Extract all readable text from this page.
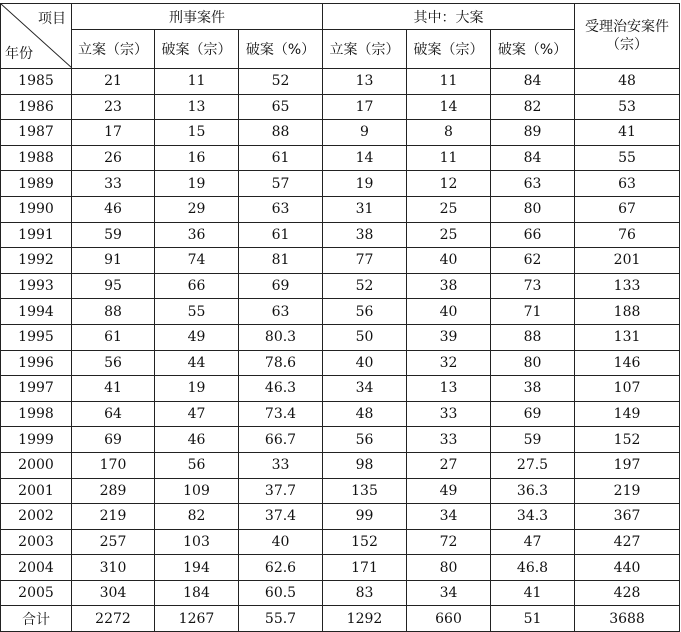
项目
年份	刑事案件			其中：大案			受理治安案件
（宗）
	立案（宗）	破案（宗）	破案（%）	立案（宗）	破案（宗）	破案（%）	
1985	21	11	52	13	11	84	48
1986	23	13	65	17	14	82	53
1987	17	15	88	9	8	89	41
1988	26	16	61	14	11	84	55
1989	33	19	57	19	12	63	63
1990	46	29	63	31	25	80	67
1991	59	36	61	38	25	66	76
1992	91	74	81	77	40	62	201
1993	95	66	69	52	38	73	133
1994	88	55	63	56	40	71	188
1995	61	49	80.3	50	39	88	131
1996	56	44	78.6	40	32	80	146
1997	41	19	46.3	34	13	38	107
1998	64	47	73.4	48	33	69	149
1999	69	46	66.7	56	33	59	152
2000	170	56	33	98	27	27.5	197
2001	289	109	37.7	135	49	36.3	219
2002	219	82	37.4	99	34	34.3	367
2003	257	103	40	152	72	47	427
2004	310	194	62.6	171	80	46.8	440
2005	304	184	60.5	83	34	41	428
合计	2272	1267	55.7	1292	660	51	3688
